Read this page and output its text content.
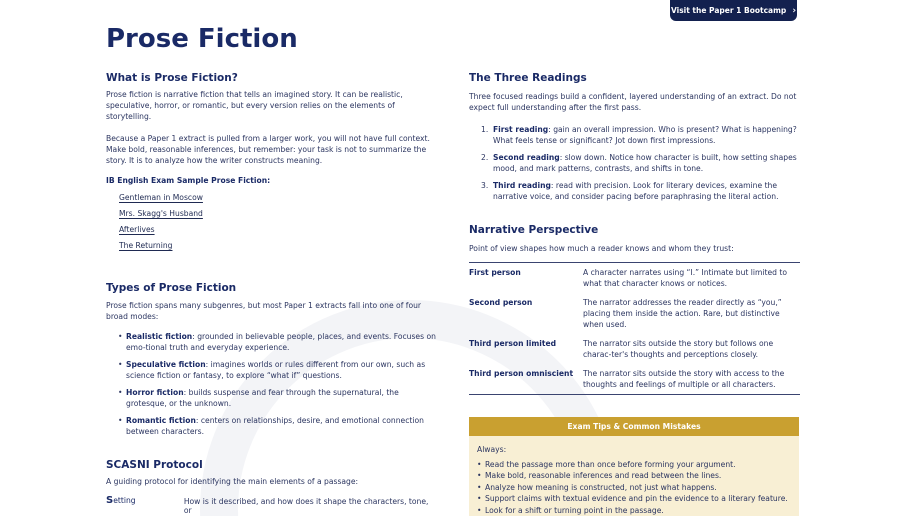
Visit the Paper 1 Bootcamp ›
Prose Fiction
What is Prose Fiction?

Prose fiction is narrative fiction that tells an imagined story. It can be realistic, speculative, horror, or romantic, but every version relies on the elements of storytelling.

Because a Paper 1 extract is pulled from a larger work, you will not have full context. Make bold, reasonable inferences, but remember: your task is not to summarize the story. It is to analyze how the writer constructs meaning.

IB English Exam Sample Prose Fiction:
Gentleman in Moscow
Mrs. Skagg's Husband
Afterlives
The Returning
Types of Prose Fiction

Prose fiction spans many subgenres, but most Paper 1 extracts fall into one of four broad modes:

• Realistic fiction: grounded in believable people, places, and events. Focuses on emo-tional truth and everyday experience.
• Speculative fiction: imagines worlds or rules different from our own, such as science fiction or fantasy, to explore “what if” questions.
• Horror fiction: builds suspense and fear through the supernatural, the grotesque, or the unknown.
• Romantic fiction: centers on relationships, desire, and emotional connection between characters.
SCASNI Protocol

A guiding protocol for identifying the main elements of a passage:

Setting	How is it described, and how does it shape the characters, tone, or
The Three Readings

Three focused readings build a confident, layered understanding of an extract. Do not expect full understanding after the first pass.

1. First reading: gain an overall impression. Who is present? What is happening? What feels tense or significant? Jot down first impressions.
2. Second reading: slow down. Notice how character is built, how setting shapes mood, and mark patterns, contrasts, and shifts in tone.
3. Third reading: read with precision. Look for literary devices, examine the narrative voice, and consider pacing before paraphrasing the literal action.
Narrative Perspective

Point of view shapes how much a reader knows and whom they trust:

First person	A character narrates using “I.” Intimate but limited to what that character knows or notices.
Second person	The narrator addresses the reader directly as “you,” placing them inside the action. Rare, but distinctive when used.
Third person limited	The narrator sits outside the story but follows one charac-ter's thoughts and perceptions closely.
Third person omniscient	The narrator sits outside the story with access to the thoughts and feelings of multiple or all characters.
Exam Tips & Common Mistakes

Always:

• Read the passage more than once before forming your argument.
• Make bold, reasonable inferences and read between the lines.
• Analyze how meaning is constructed, not just what happens.
• Support claims with textual evidence and pin the evidence to a literary feature.
• Look for a shift or turning point in the passage.
